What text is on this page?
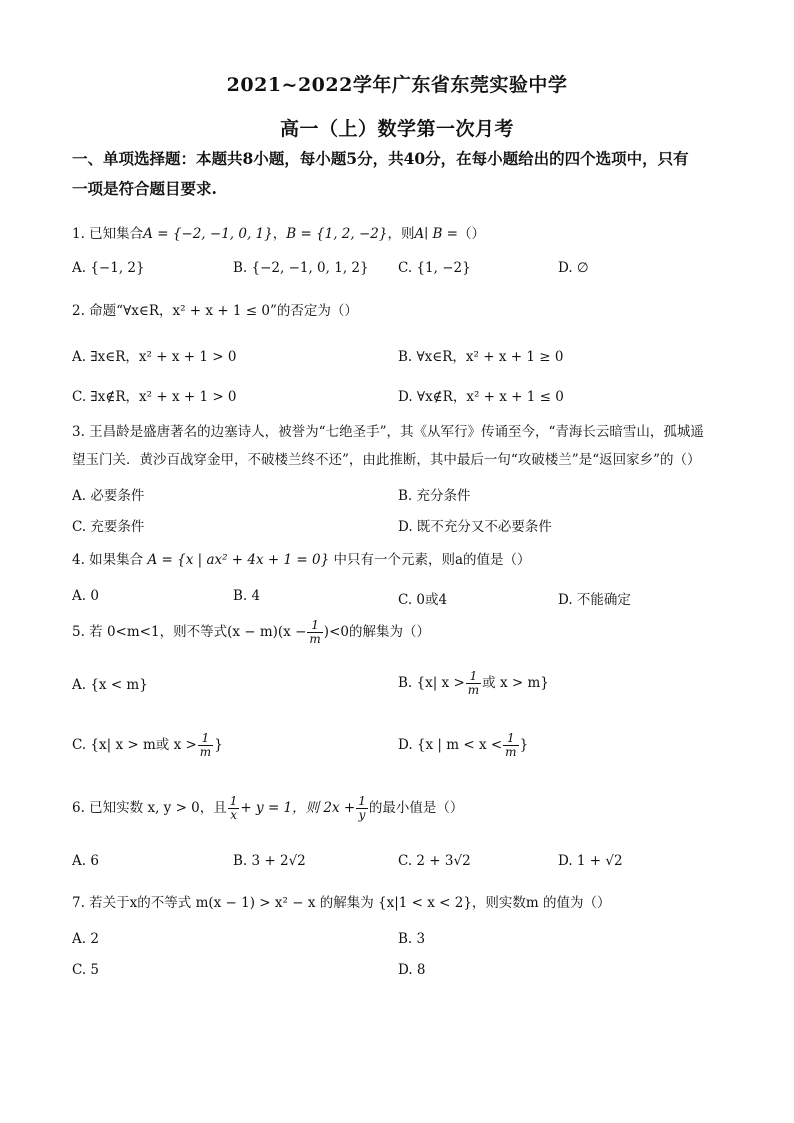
2021~2022学年广东省东莞实验中学
高一（上）数学第一次月考
一、单项选择题：本题共8小题，每小题5分，共40分，在每小题给出的四个选项中，只有
一项是符合题目要求.
1. 已知集合A = {−2, −1, 0, 1}，B = {1, 2, −2}，则A∣ B =（）
A. {−1, 2}	B. {−2, −1, 0, 1, 2} C. {1, −2}	D. ∅
2. 命题“∀x∈R，x² + x + 1 ≤ 0”的否定为（）
A. ∃x∈R，x² + x + 1 > 0	B. ∀x∈R，x² + x + 1 ≥ 0
C. ∃x∉R，x² + x + 1 > 0	D. ∀x∉R，x² + x + 1 ≤ 0
3. 王昌龄是盛唐著名的边塞诗人，被誉为“七绝圣手”，其《从军行》传诵至今，“青海长云暗雪山，孤城遥
望玉门关．黄沙百战穿金甲，不破楼兰终不还”，由此推断，其中最后一句“攻破楼兰”是“返回家乡”的（）
A. 必要条件	B. 充分条件
C. 充要条件	D. 既不充分又不必要条件
4. 如果集合 A = {x | ax² + 4x + 1 = 0} 中只有一个元素，则a的值是（）
A. 0	B. 4	C. 0或4	D. 不能确定
5. 若 0<m<1，则不等式$(x - m)(x - \frac{1}{m} )<0$的解集为（）
A. {x < m}	B. {x| $x > \frac{1}{m}$ 或 x > m}
C. {x| x > m或 $x > \frac{1}{m}$ }	D. {x | $m < x < \frac{1}{m}$ }
6. 已知实数 x, y > 0，且 $\frac{1}{x} + y = 1$，则 $2x + \frac{1}{y}$ 的最小值是（）
A. 6	B. 3 + 2√2	C. 2 + 3√2	D. 1 + √2
7. 若关于x的不等式 m(x − 1) > x² − x 的解集为 {x|1 < x < 2}，则实数m 的值为（）
A. 2	B. 3
C. 5	D. 8
